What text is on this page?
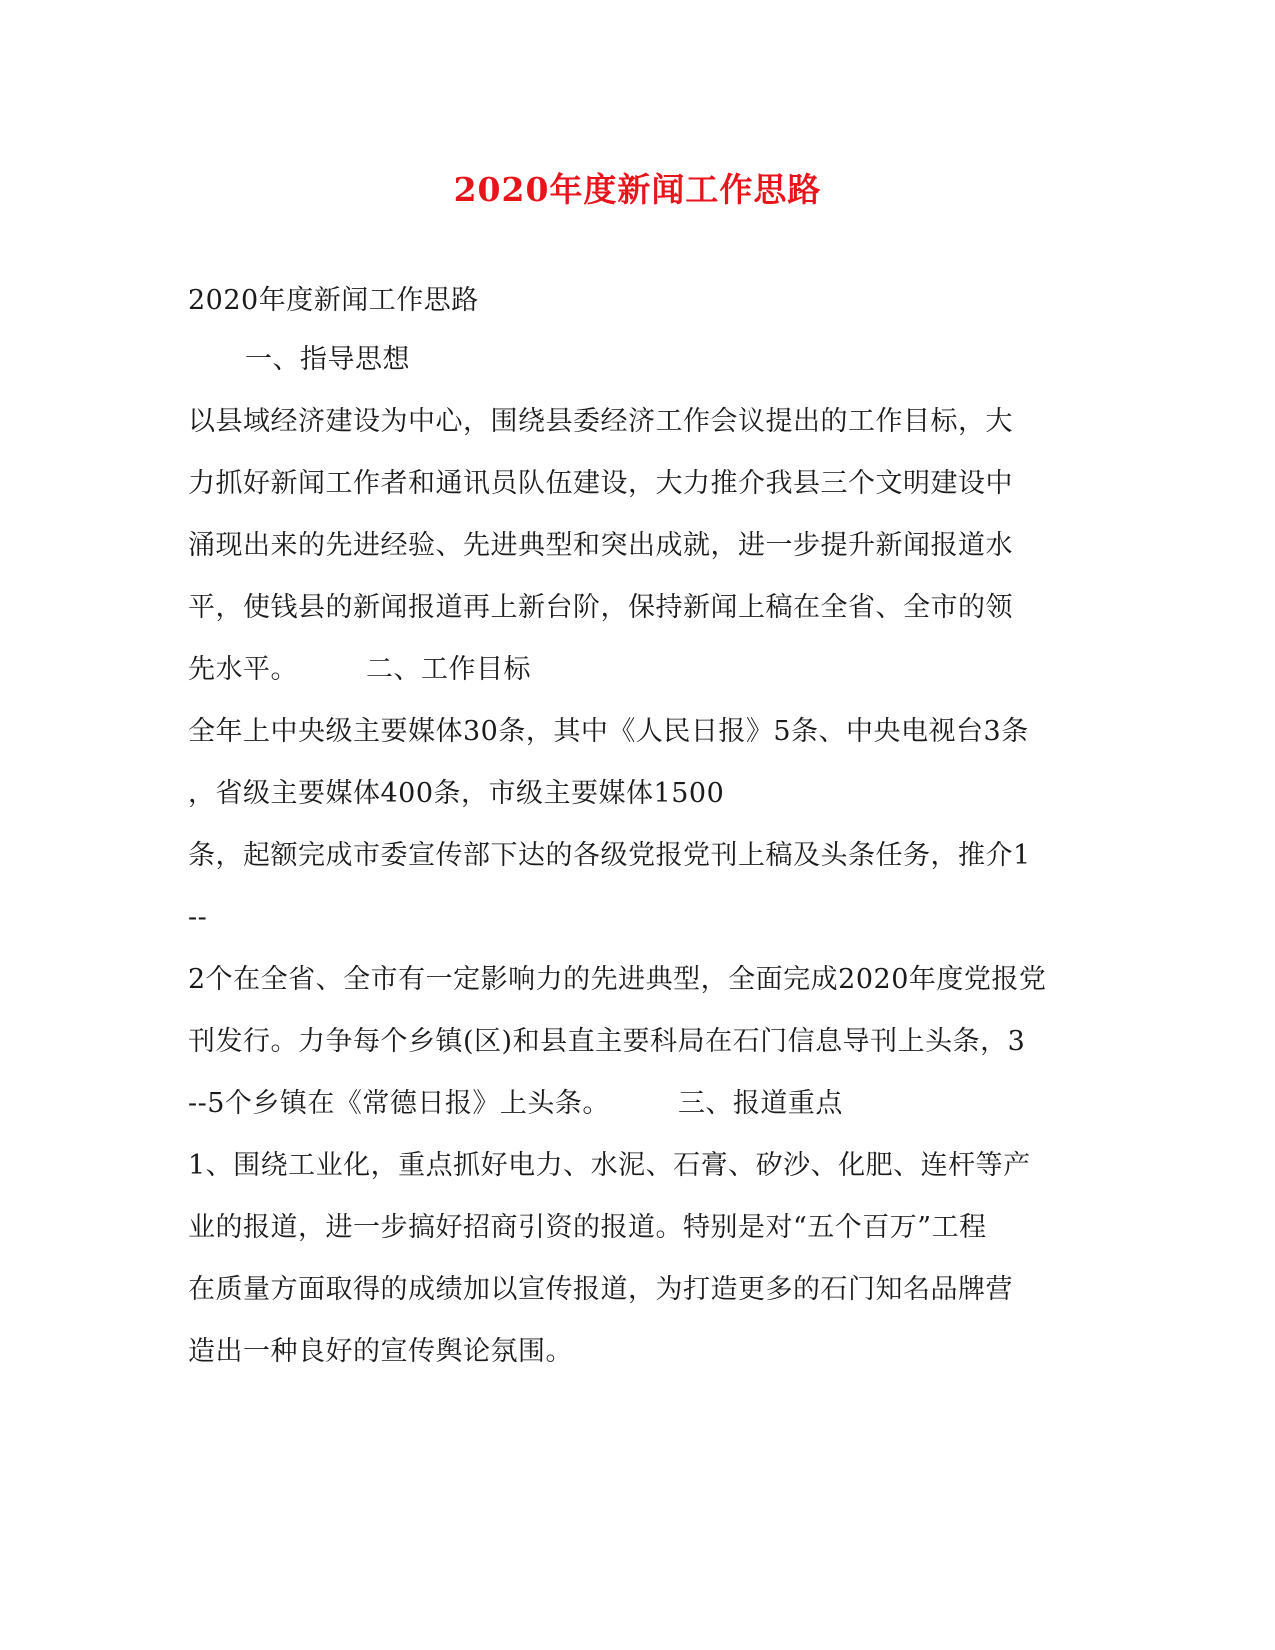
2020年度新闻工作思路
2020年度新闻工作思路
一、指导思想
以县域经济建设为中心，围绕县委经济工作会议提出的工作目标，大
力抓好新闻工作者和通讯员队伍建设，大力推介我县三个文明建设中
涌现出来的先进经验、先进典型和突出成就，进一步提升新闻报道水
平，使钱县的新闻报道再上新台阶，保持新闻上稿在全省、全市的领
先水平。	二、工作目标
全年上中央级主要媒体30条，其中《人民日报》5条、中央电视台3条
，省级主要媒体400条，市级主要媒体1500
条，起额完成市委宣传部下达的各级党报党刊上稿及头条任务，推介1
--
2个在全省、全市有一定影响力的先进典型，全面完成2020年度党报党
刊发行。力争每个乡镇(区)和县直主要科局在石门信息导刊上头条，3
--5个乡镇在《常德日报》上头条。	三、报道重点
1、围绕工业化，重点抓好电力、水泥、石膏、矽沙、化肥、连杆等产
业的报道，进一步搞好招商引资的报道。特别是对“五个百万”工程
在质量方面取得的成绩加以宣传报道，为打造更多的石门知名品牌营
造出一种良好的宣传舆论氛围。
